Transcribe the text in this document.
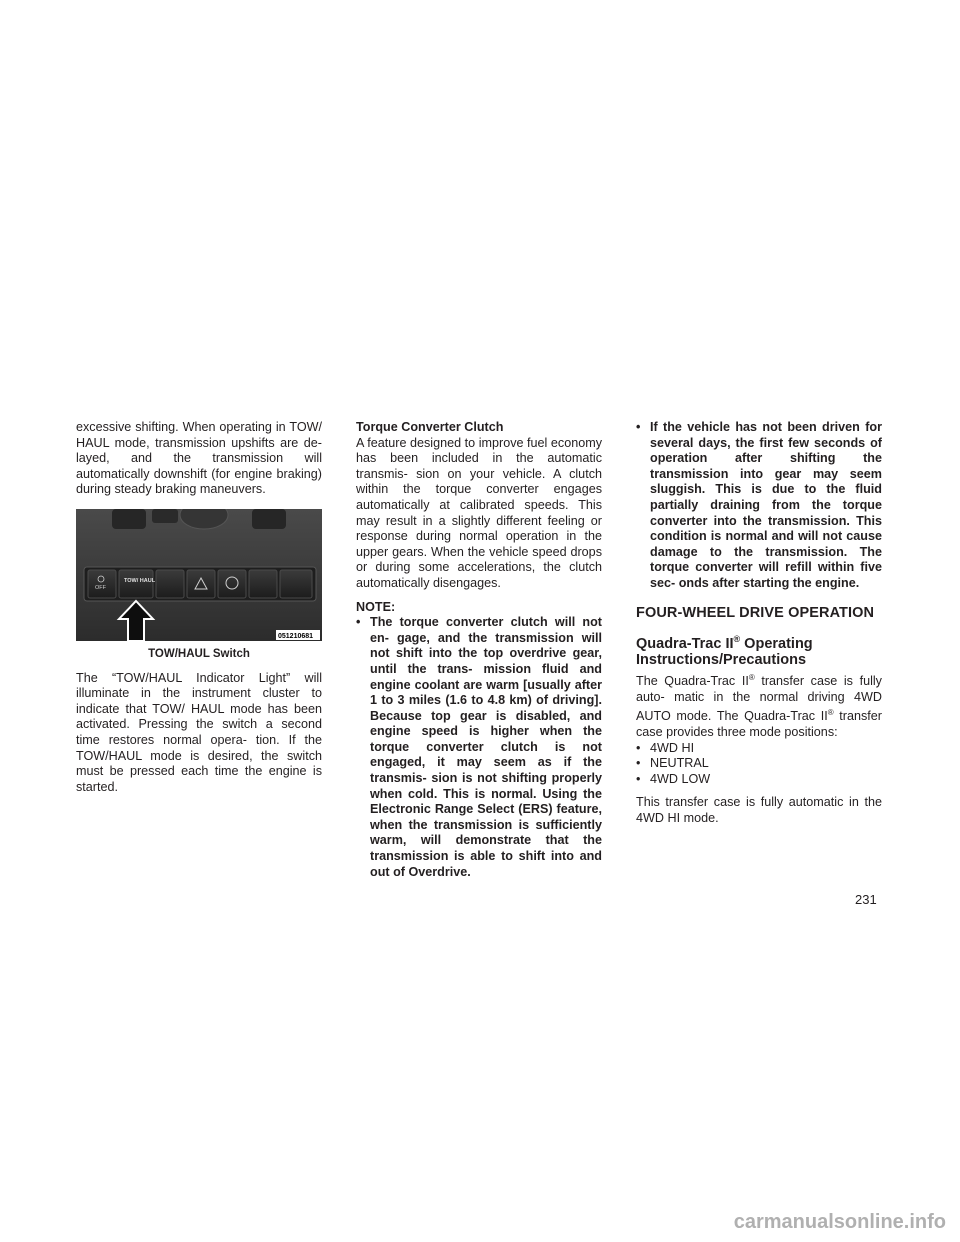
excessive shifting. When operating in TOW/ HAUL mode, transmission upshifts are de- layed, and the transmission will automatically downshift (for engine braking) during steady braking maneuvers.

OFF
TOW/ HAUL
051210681
TOW/HAUL Switch

The “TOW/HAUL Indicator Light” will illuminate in the instrument cluster to indicate that TOW/ HAUL mode has been activated. Pressing the switch a second time restores normal opera- tion. If the TOW/HAUL mode is desired, the switch must be pressed each time the engine is started.

Torque Converter Clutch

A feature designed to improve fuel economy has been included in the automatic transmis- sion on your vehicle. A clutch within the torque converter engages automatically at calibrated speeds. This may result in a slightly different feeling or response during normal operation in the upper gears. When the vehicle speed drops or during some accelerations, the clutch automatically disengages.

NOTE:
• The torque converter clutch will not en- gage, and the transmission will not shift into the top overdrive gear, until the trans- mission fluid and engine coolant are warm [usually after 1 to 3 miles (1.6 to 4.8 km) of driving]. Because top gear is disabled, and engine speed is higher when the torque converter clutch is not engaged, it may seem as if the transmis- sion is not shifting properly when cold. This is normal. Using the Electronic Range Select (ERS) feature, when the transmission is sufficiently warm, will demonstrate that the transmission is able to shift into and out of Overdrive.
• If the vehicle has not been driven for several days, the first few seconds of operation after shifting the transmission into gear may seem sluggish. This is due to the fluid partially draining from the torque converter into the transmission. This condition is normal and will not cause damage to the transmission. The torque converter will refill within five sec- onds after starting the engine.
FOUR-WHEEL DRIVE OPERATION
Quadra-Trac II® Operating
Instructions/Precautions

The Quadra-Trac II® transfer case is fully auto- matic in the normal driving 4WD AUTO mode. The Quadra-Trac II® transfer case provides three mode positions:

• 4WD HI
• NEUTRAL
• 4WD LOW

This transfer case is fully automatic in the 4WD HI mode.

231
carmanualsonline.info
